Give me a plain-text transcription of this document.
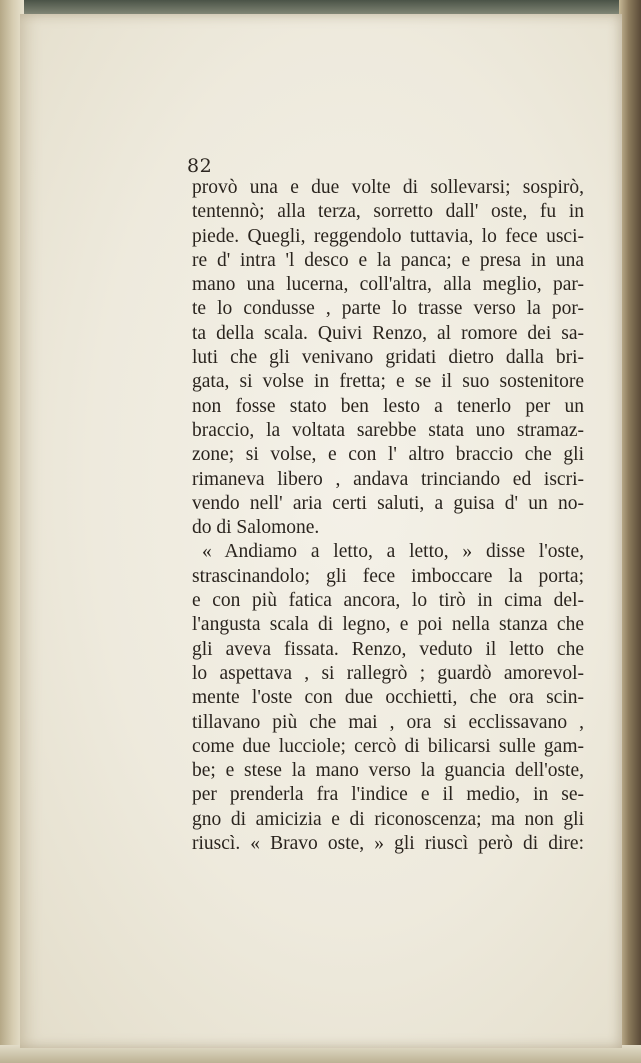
82
provò una e due volte di sollevarsi; sospirò,
tentennò; alla terza, sorretto dall' oste, fu in
piede. Quegli, reggendolo tuttavia, lo fece usci-
re d' intra 'l desco e la panca; e presa in una
mano una lucerna, coll'altra, alla meglio, par-
te lo condusse , parte lo trasse verso la por-
ta della scala. Quivi Renzo, al romore dei sa-
luti che gli venivano gridati dietro dalla bri-
gata, si volse in fretta; e se il suo sostenitore
non fosse stato ben lesto a tenerlo per un
braccio, la voltata sarebbe stata uno stramaz-
zone; si volse, e con l' altro braccio che gli
rimaneva libero , andava trinciando ed iscri-
vendo nell' aria certi saluti, a guisa d' un no-
do di Salomone.
« Andiamo a letto, a letto, » disse l'oste,
strascinandolo; gli fece imboccare la porta;
e con più fatica ancora, lo tirò in cima del-
l'angusta scala di legno, e poi nella stanza che
gli aveva fissata. Renzo, veduto il letto che
lo aspettava , si rallegrò ; guardò amorevol-
mente l'oste con due occhietti, che ora scin-
tillavano più che mai , ora si ecclissavano ,
come due lucciole; cercò di bilicarsi sulle gam-
be; e stese la mano verso la guancia dell'oste,
per prenderla fra l'indice e il medio, in se-
gno di amicizia e di riconoscenza; ma non gli
riuscì. « Bravo oste, » gli riuscì però di dire:
